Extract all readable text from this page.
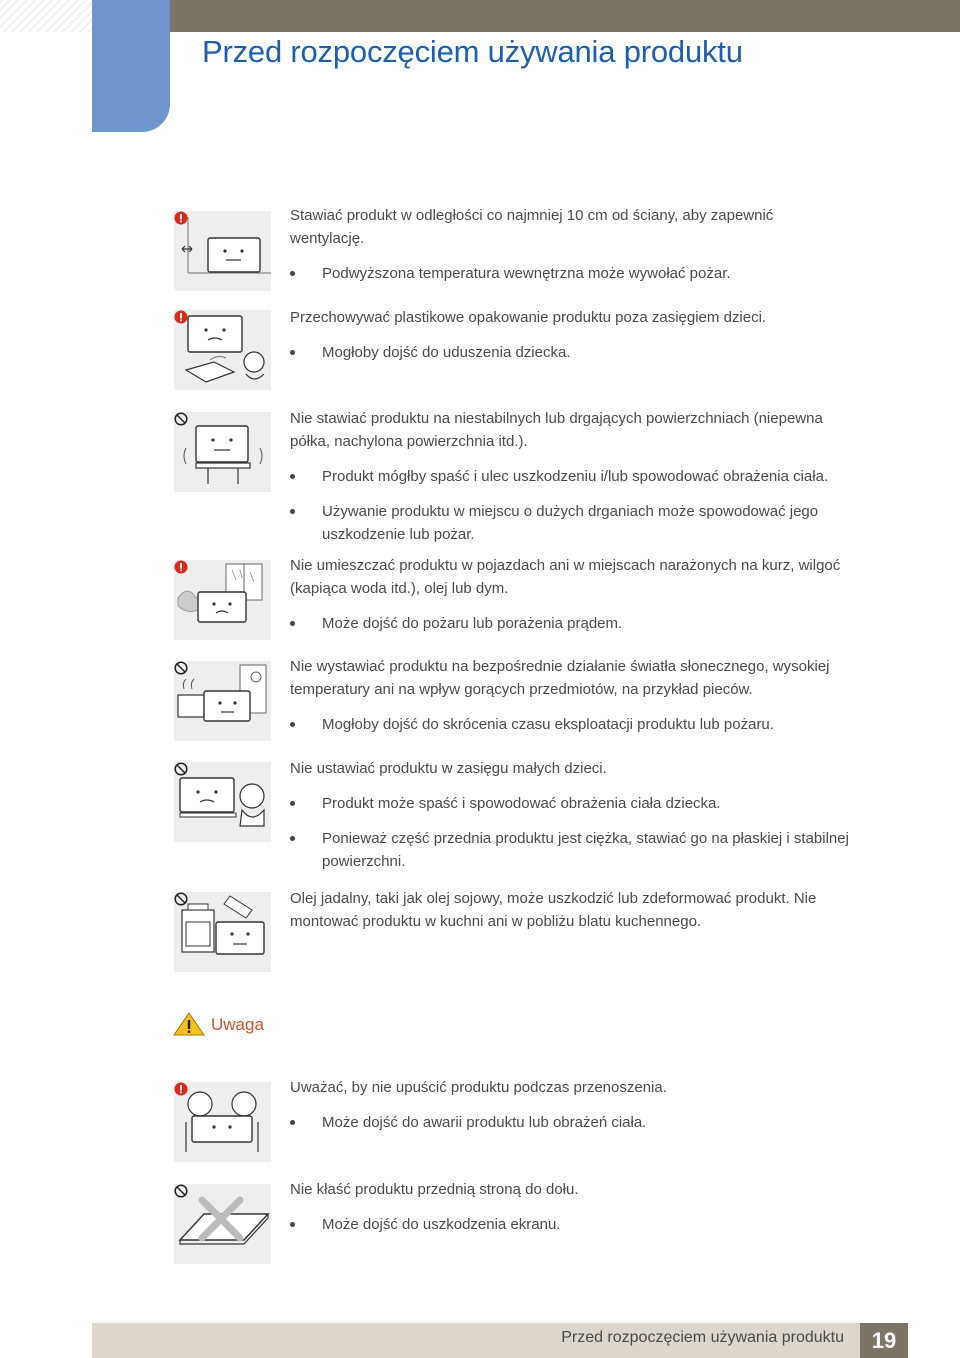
Przed rozpoczęciem używania produktu

Stawiać produkt w odległości co najmniej 10 cm od ściany, aby zapewnić wentylację.

Podwyższona temperatura wewnętrzna może wywołać pożar.

Przechowywać plastikowe opakowanie produktu poza zasięgiem dzieci.

Mogłoby dojść do uduszenia dziecka.

Nie stawiać produktu na niestabilnych lub drgających powierzchniach (niepewna półka, nachylona powierzchnia itd.).

Produkt mógłby spaść i ulec uszkodzeniu i/lub spowodować obrażenia ciała.
Używanie produktu w miejscu o dużych drganiach może spowodować jego uszkodzenie lub pożar.

Nie umieszczać produktu w pojazdach ani w miejscach narażonych na kurz, wilgoć (kapiąca woda itd.), olej lub dym.

Może dojść do pożaru lub porażenia prądem.

Nie wystawiać produktu na bezpośrednie działanie światła słonecznego, wysokiej temperatury ani na wpływ gorących przedmiotów, na przykład pieców.

Mogłoby dojść do skrócenia czasu eksploatacji produktu lub pożaru.

Nie ustawiać produktu w zasięgu małych dzieci.

Produkt może spaść i spowodować obrażenia ciała dziecka.
Ponieważ część przednia produktu jest ciężka, stawiać go na płaskiej i stabilnej powierzchni.

Olej jadalny, taki jak olej sojowy, może uszkodzić lub zdeformować produkt. Nie montować produktu w kuchni ani w pobliżu blatu kuchennego.

Uwaga

Uważać, by nie upuścić produktu podczas przenoszenia.

Może dojść do awarii produktu lub obrażeń ciała.

Nie kłaść produktu przednią stroną do dołu.

Może dojść do uszkodzenia ekranu.
Przed rozpoczęciem używania produktu	19
